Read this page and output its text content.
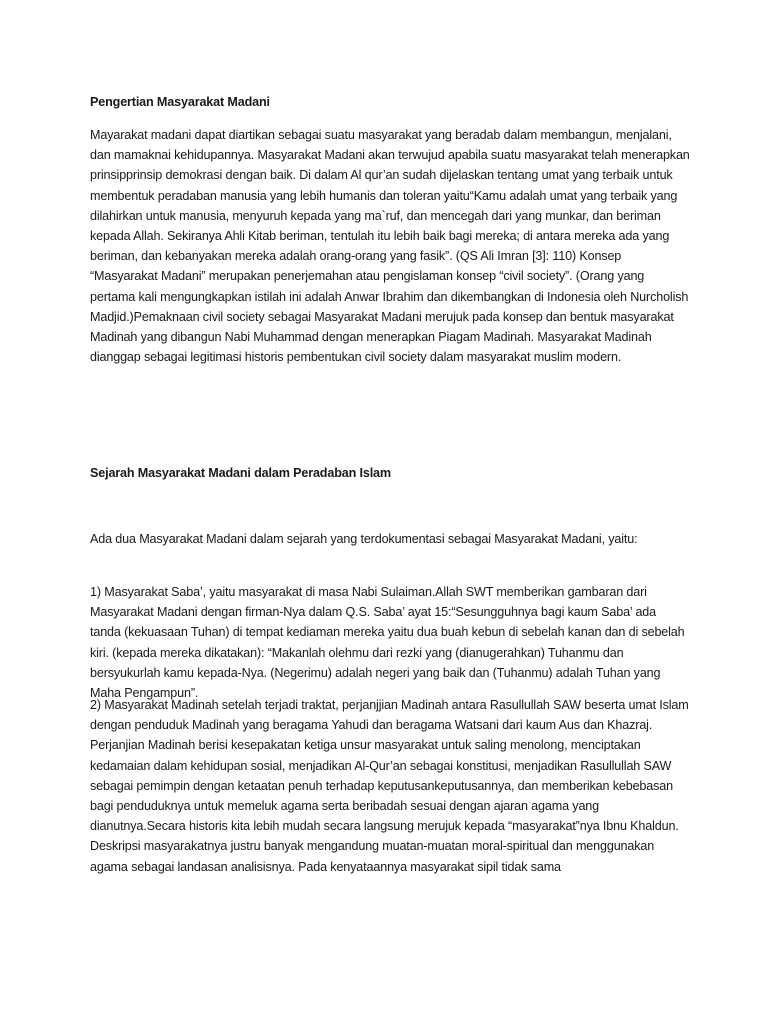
Pengertian Masyarakat Madani

Mayarakat madani dapat diartikan sebagai suatu masyarakat yang beradab dalam membangun, menjalani, dan mamaknai kehidupannya. Masyarakat Madani akan terwujud apabila suatu masyarakat telah menerapkan prinsipprinsip demokrasi dengan baik. Di dalam Al qur’an sudah dijelaskan tentang umat yang terbaik untuk membentuk peradaban manusia yang lebih humanis dan toleran yaitu“Kamu adalah umat yang terbaik yang dilahirkan untuk manusia, menyuruh kepada yang ma`ruf, dan mencegah dari yang munkar, dan beriman kepada Allah. Sekiranya Ahli Kitab beriman, tentulah itu lebih baik bagi mereka; di antara mereka ada yang beriman, dan kebanyakan mereka adalah orang-orang yang fasik”. (QS Ali Imran [3]: 110) Konsep “Masyarakat Madani” merupakan penerjemahan atau pengislaman konsep “civil society”. (Orang yang pertama kali mengungkapkan istilah ini adalah Anwar Ibrahim dan dikembangkan di Indonesia oleh Nurcholish Madjid.)Pemaknaan civil society sebagai Masyarakat Madani merujuk pada konsep dan bentuk masyarakat Madinah yang dibangun Nabi Muhammad dengan menerapkan Piagam Madinah. Masyarakat Madinah dianggap sebagai legitimasi historis pembentukan civil society dalam masyarakat muslim modern.

Sejarah Masyarakat Madani dalam Peradaban Islam

Ada dua Masyarakat Madani dalam sejarah yang terdokumentasi sebagai Masyarakat Madani, yaitu:

1) Masyarakat Saba’, yaitu masyarakat di masa Nabi Sulaiman.Allah SWT memberikan gambaran dari Masyarakat Madani dengan firman-Nya dalam Q.S. Saba’ ayat 15:“Sesungguhnya bagi kaum Saba’ ada tanda (kekuasaan Tuhan) di tempat kediaman mereka yaitu dua buah kebun di sebelah kanan dan di sebelah kiri. (kepada mereka dikatakan): “Makanlah olehmu dari rezki yang (dianugerahkan) Tuhanmu dan bersyukurlah kamu kepada-Nya. (Negerimu) adalah negeri yang baik dan (Tuhanmu) adalah Tuhan yang Maha Pengampun”.

2) Masyarakat Madinah setelah terjadi traktat, perjanjjian Madinah antara Rasullullah SAW beserta umat Islam dengan penduduk Madinah yang beragama Yahudi dan beragama Watsani dari kaum Aus dan Khazraj. Perjanjian Madinah berisi kesepakatan ketiga unsur masyarakat untuk saling menolong, menciptakan kedamaian dalam kehidupan sosial, menjadikan Al-Qur’an sebagai konstitusi, menjadikan Rasullullah SAW sebagai pemimpin dengan ketaatan penuh terhadap keputusankeputusannya, dan memberikan kebebasan bagi penduduknya untuk memeluk agama serta beribadah sesuai dengan ajaran agama yang dianutnya.Secara historis kita lebih mudah secara langsung merujuk kepada “masyarakat”nya Ibnu Khaldun. Deskripsi masyarakatnya justru banyak mengandung muatan-muatan moral-spiritual dan menggunakan agama sebagai landasan analisisnya. Pada kenyataannya masyarakat sipil tidak sama
